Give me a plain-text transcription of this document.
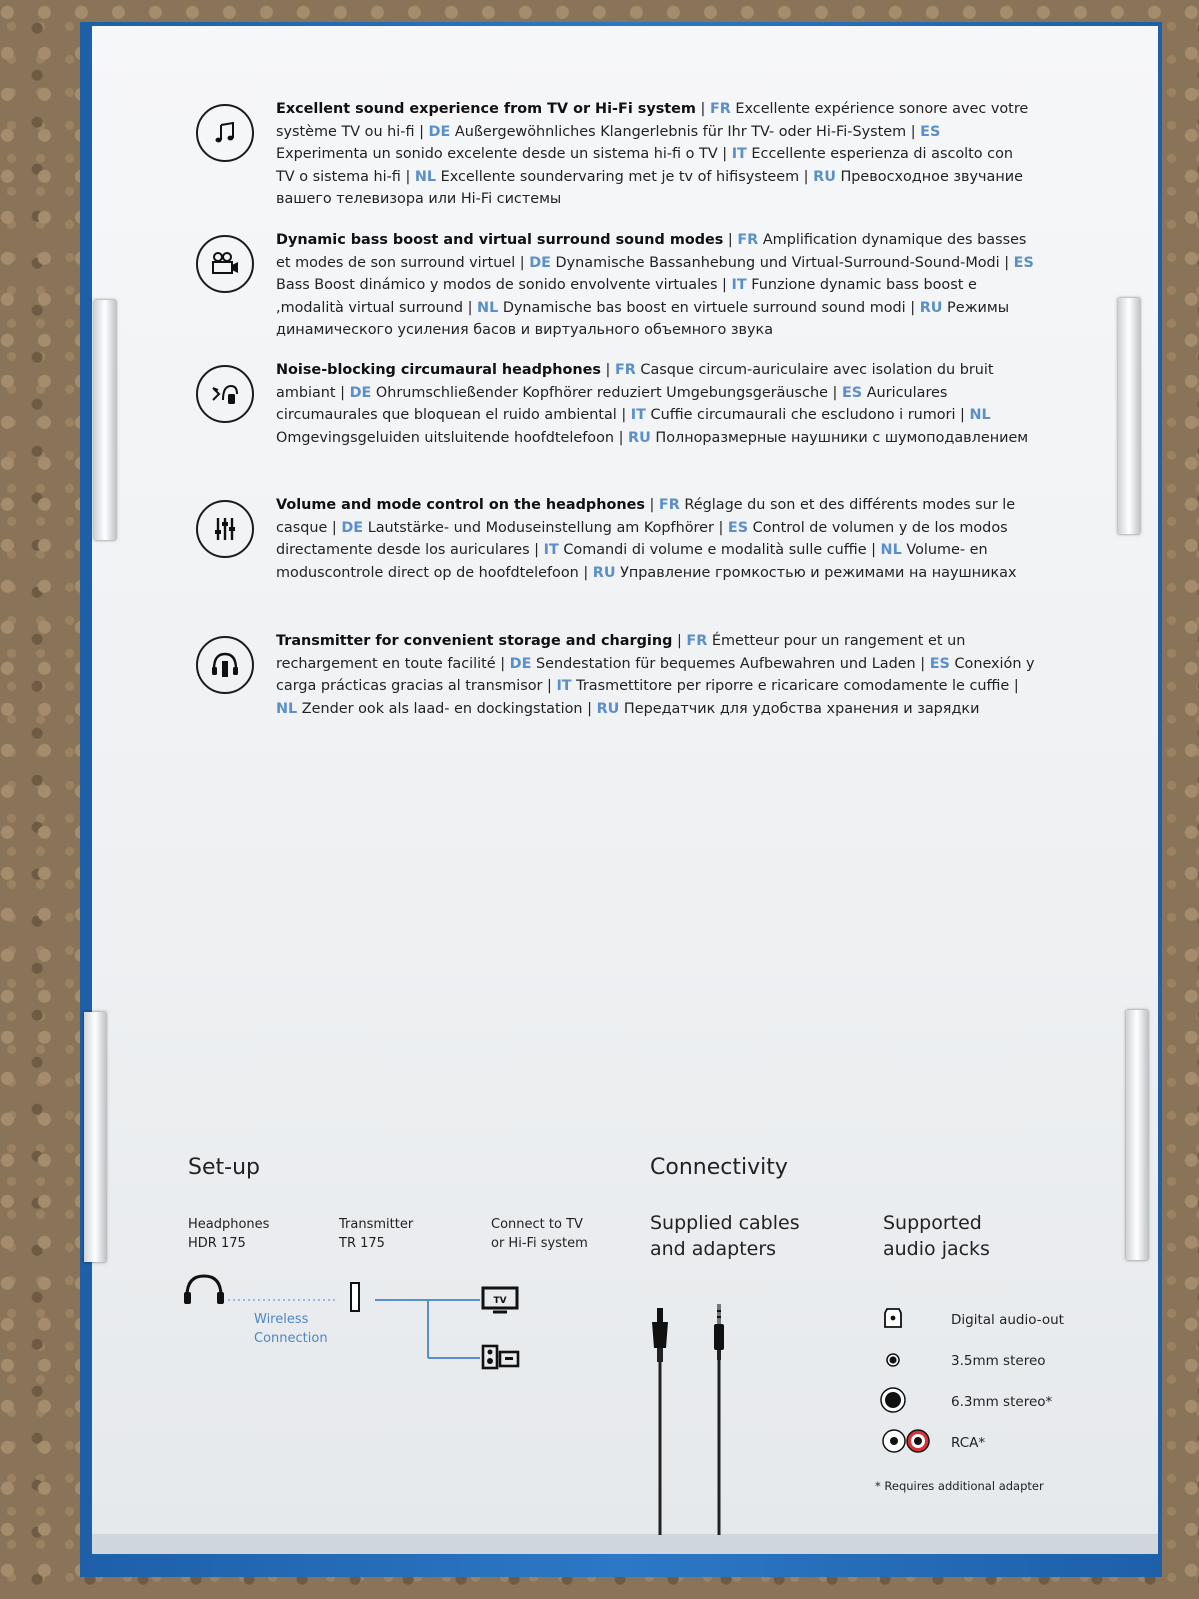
Excellent sound experience from TV or Hi-Fi system | FR Excellente expérience sonore avec votre système TV ou hi-fi | DE Außergewöhnliches Klangerlebnis für Ihr TV- oder Hi-Fi-System | ES Experimenta un sonido excelente desde un sistema hi-fi o TV | IT Eccellente esperienza di ascolto con TV o sistema hi-fi | NL Excellente soundervaring met je tv of hifisysteem | RU Превосходное звучание вашего телевизора или Hi-Fi системы
Dynamic bass boost and virtual surround sound modes | FR Amplification dynamique des basses et modes de son surround virtuel | DE Dynamische Bassanhebung und Virtual-Surround-Sound-Modi | ES Bass Boost dinámico y modos de sonido envolvente virtuales | IT Funzione dynamic bass boost e ,modalità virtual surround | NL Dynamische bas boost en virtuele surround sound modi | RU Режимы динамического усиления басов и виртуального объемного звука
Noise-blocking circumaural headphones | FR Casque circum-auriculaire avec isolation du bruit ambiant | DE Ohrumschließender Kopfhörer reduziert Umgebungsgeräusche | ES Auriculares circumaurales que bloquean el ruido ambiental | IT Cuffie circumaurali che escludono i rumori | NL Omgevingsgeluiden uitsluitende hoofdtelefoon | RU Полноразмерные наушники с шумоподавлением
Volume and mode control on the headphones | FR Réglage du son et des différents modes sur le casque | DE Lautstärke- und Moduseinstellung am Kopfhörer | ES Control de volumen y de los modos directamente desde los auriculares | IT Comandi di volume e modalità sulle cuffie | NL Volume- en moduscontrole direct op de hoofdtelefoon | RU Управление громкостью и режимами на наушниках
Transmitter for convenient storage and charging | FR Émetteur pour un rangement et un rechargement en toute facilité | DE Sendestation für bequemes Aufbewahren und Laden | ES Conexión y carga prácticas gracias al transmisor | IT Trasmettitore per riporre e ricaricare comodamente le cuffie | NL Zender ook als laad- en dockingstation | RU Передатчик для удобства хранения и зарядки
Set-up
Headphones
HDR 175
Transmitter
TR 175
Connect to TV
or Hi-Fi system
TV
Wireless
Connection
Connectivity
Supplied cables
and adapters
Supported
audio jacks
Digital audio-out
3.5mm stereo
6.3mm stereo*
RCA*
* Requires additional adapter
